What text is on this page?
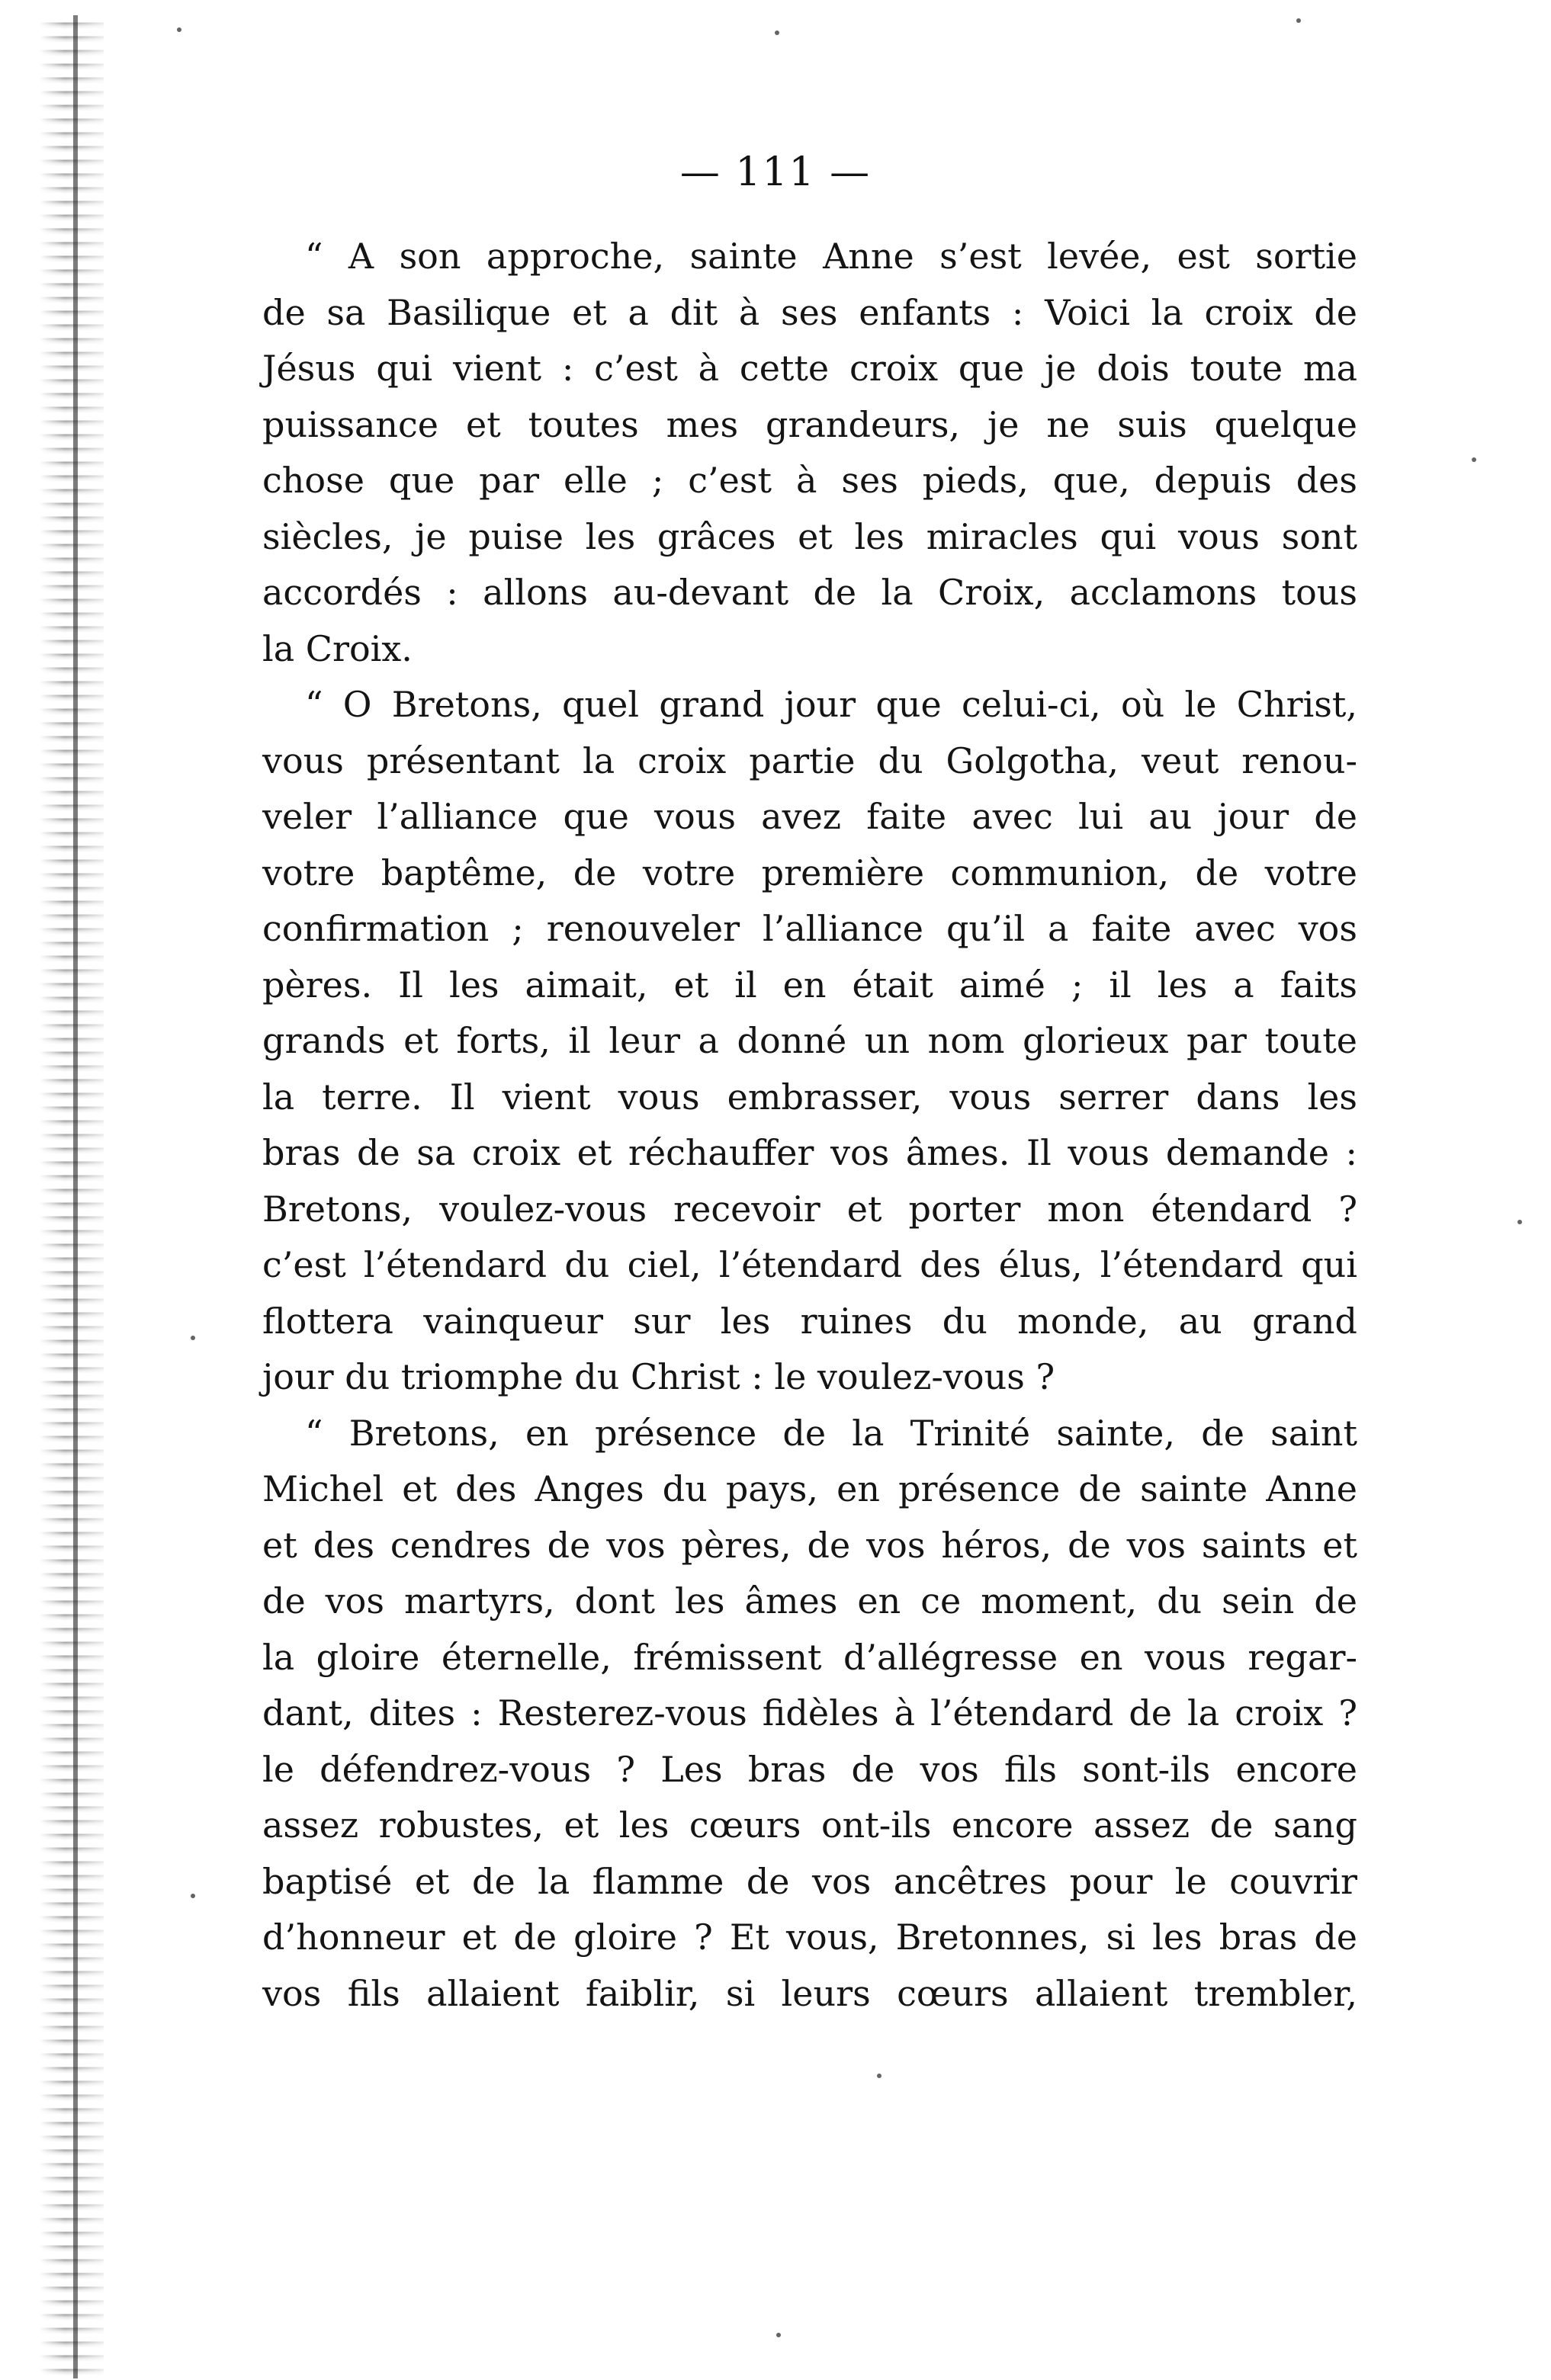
— 111 —
“ A son approche, sainte Anne s’est levée, est sortie
de sa Basilique et a dit à ses enfants : Voici la croix de
Jésus qui vient : c’est à cette croix que je dois toute ma
puissance et toutes mes grandeurs, je ne suis quelque
chose que par elle ; c’est à ses pieds, que, depuis des
siècles, je puise les grâces et les miracles qui vous sont
accordés : allons au-devant de la Croix, acclamons tous
la Croix.
“ O Bretons, quel grand jour que celui-ci, où le Christ,
vous présentant la croix partie du Golgotha, veut renou-
veler l’alliance que vous avez faite avec lui au jour de
votre baptême, de votre première communion, de votre
confirmation ; renouveler l’alliance qu’il a faite avec vos
pères. Il les aimait, et il en était aimé ; il les a faits
grands et forts, il leur a donné un nom glorieux par toute
la terre. Il vient vous embrasser, vous serrer dans les
bras de sa croix et réchauffer vos âmes. Il vous demande :
Bretons, voulez-vous recevoir et porter mon étendard ?
c’est l’étendard du ciel, l’étendard des élus, l’étendard qui
flottera vainqueur sur les ruines du monde, au grand
jour du triomphe du Christ : le voulez-vous ?
“ Bretons, en présence de la Trinité sainte, de saint
Michel et des Anges du pays, en présence de sainte Anne
et des cendres de vos pères, de vos héros, de vos saints et
de vos martyrs, dont les âmes en ce moment, du sein de
la gloire éternelle, frémissent d’allégresse en vous regar-
dant, dites : Resterez-vous fidèles à l’étendard de la croix ?
le défendrez-vous ? Les bras de vos fils sont-ils encore
assez robustes, et les cœurs ont-ils encore assez de sang
baptisé et de la flamme de vos ancêtres pour le couvrir
d’honneur et de gloire ? Et vous, Bretonnes, si les bras de
vos fils allaient faiblir, si leurs cœurs allaient trembler,
